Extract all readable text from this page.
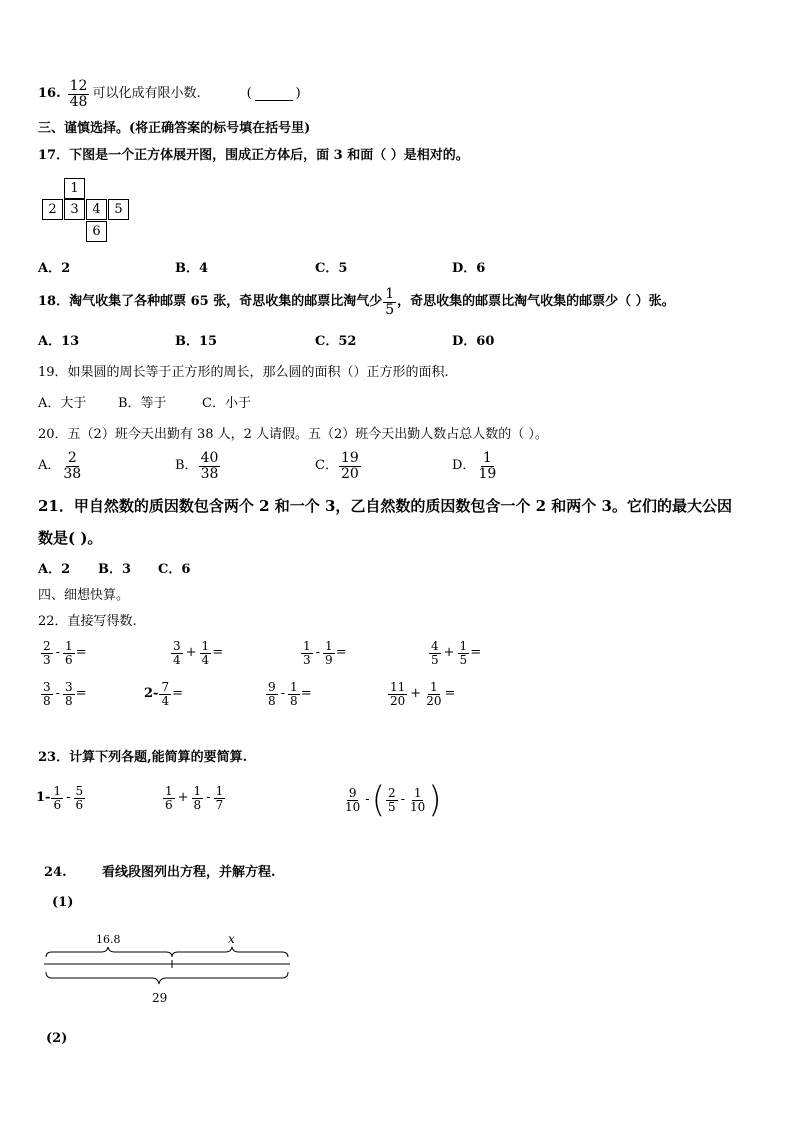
16. $\frac{12}{48}$ 可以化成有限小数.	(	)
三、谨慎选择。(将正确答案的标号填在括号里)
17．下图是一个正方体展开图，围成正方体后，面 3 和面（ ）是相对的。
1
2	3	4	5
6
A．2	B．4	C．5	D．6
18．淘气收集了各种邮票 65 张，奇思收集的邮票比淘气少 $\frac{1}{5}$ ，奇思收集的邮票比淘气收集的邮票少（ ）张。
A．13	B．15	C．52	D．60
19．如果圆的周长等于正方形的周长，那么圆的面积（）正方形的面积.
A．大于 B．等于	C．小于
20．五（2）班今天出勤有 38 人，2 人请假。五（2）班今天出勤人数占总人数的（ ）。
A． $\frac{2}{38}$	B． $\frac{40}{38}$	C． $\frac{19}{20}$	D． $\frac{1}{19}$
21．甲自然数的质因数包含两个 2 和一个 3，乙自然数的质因数包含一个 2 和两个 3。它们的最大公因
数是( )。
A．2 B．3 C．6
四、细想快算。
22．直接写得数.
23．计算下列各题,能简算的要简算.
$1- \frac{1}{6} - \frac{5}{6}$	$\frac{1}{6} + \frac{1}{8} - \frac{1}{7}$	$\frac{9}{10}$ - ( $\frac{2}{5} - \frac{1}{10}$ )
24.	看线段图列出方程，并解方程.
(1)
16.8	x
29
(2)
$\frac{2}{3} - \frac{1}{6}$ =	$\frac{3}{4} + \frac{1}{4}$ =	$\frac{1}{3} - \frac{1}{9}$ =	$\frac{4}{5} + \frac{1}{5}$ =
$\frac{3}{8} - \frac{3}{8}$ =	$2- \frac{7}{4}$ =	$\frac{9}{8} - \frac{1}{8}$ =	$\frac{11}{20} + \frac{1}{20}$ =
